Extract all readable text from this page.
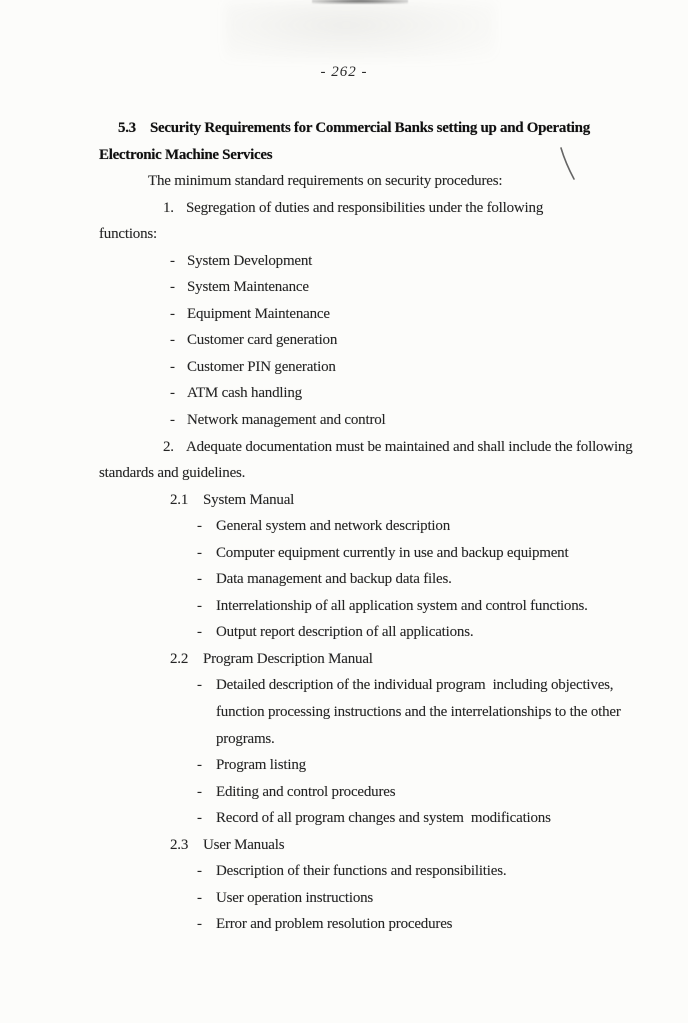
- 262 -
5.3 Security Requirements for Commercial Banks setting up and Operating
Electronic Machine Services
The minimum standard requirements on security procedures:
1. Segregation of duties and responsibilities under the following
functions:
- System Development
- System Maintenance
- Equipment Maintenance
- Customer card generation
- Customer PIN generation
- ATM cash handling
- Network management and control
2. Adequate documentation must be maintained and shall include the following
standards and guidelines.
2.1 System Manual
- General system and network description
- Computer equipment currently in use and backup equipment
- Data management and backup data files.
- Interrelationship of all application system and control functions.
- Output report description of all applications.
2.2 Program Description Manual
- Detailed description of the individual program  including objectives,
function processing instructions and the interrelationships to the other
programs.
- Program listing
- Editing and control procedures
- Record of all program changes and system  modifications
2.3 User Manuals
- Description of their functions and responsibilities.
- User operation instructions
- Error and problem resolution procedures
